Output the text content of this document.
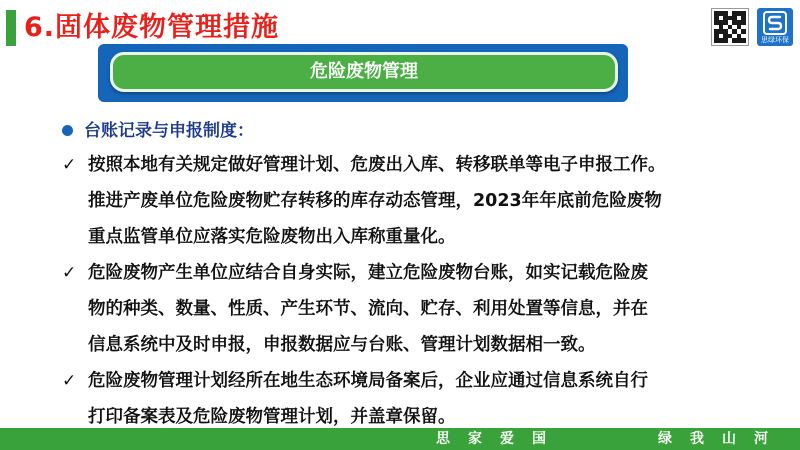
6.固体废物管理措施	思绿环保
危险废物管理
台账记录与申报制度：
✓ 按照本地有关规定做好管理计划、危废出入库、转移联单等电子申报工作。

推进产废单位危险废物贮存转移的库存动态管理，2023年年底前危险废物

重点监管单位应落实危险废物出入库称重量化。

✓ 危险废物产生单位应结合自身实际，建立危险废物台账，如实记载危险废

物的种类、数量、性质、产生环节、流向、贮存、利用处置等信息，并在

信息系统中及时申报，申报数据应与台账、管理计划数据相一致。

✓ 危险废物管理计划经所在地生态环境局备案后，企业应通过信息系统自行

打印备案表及危险废物管理计划，并盖章保留。

思家爱国	绿我山河
